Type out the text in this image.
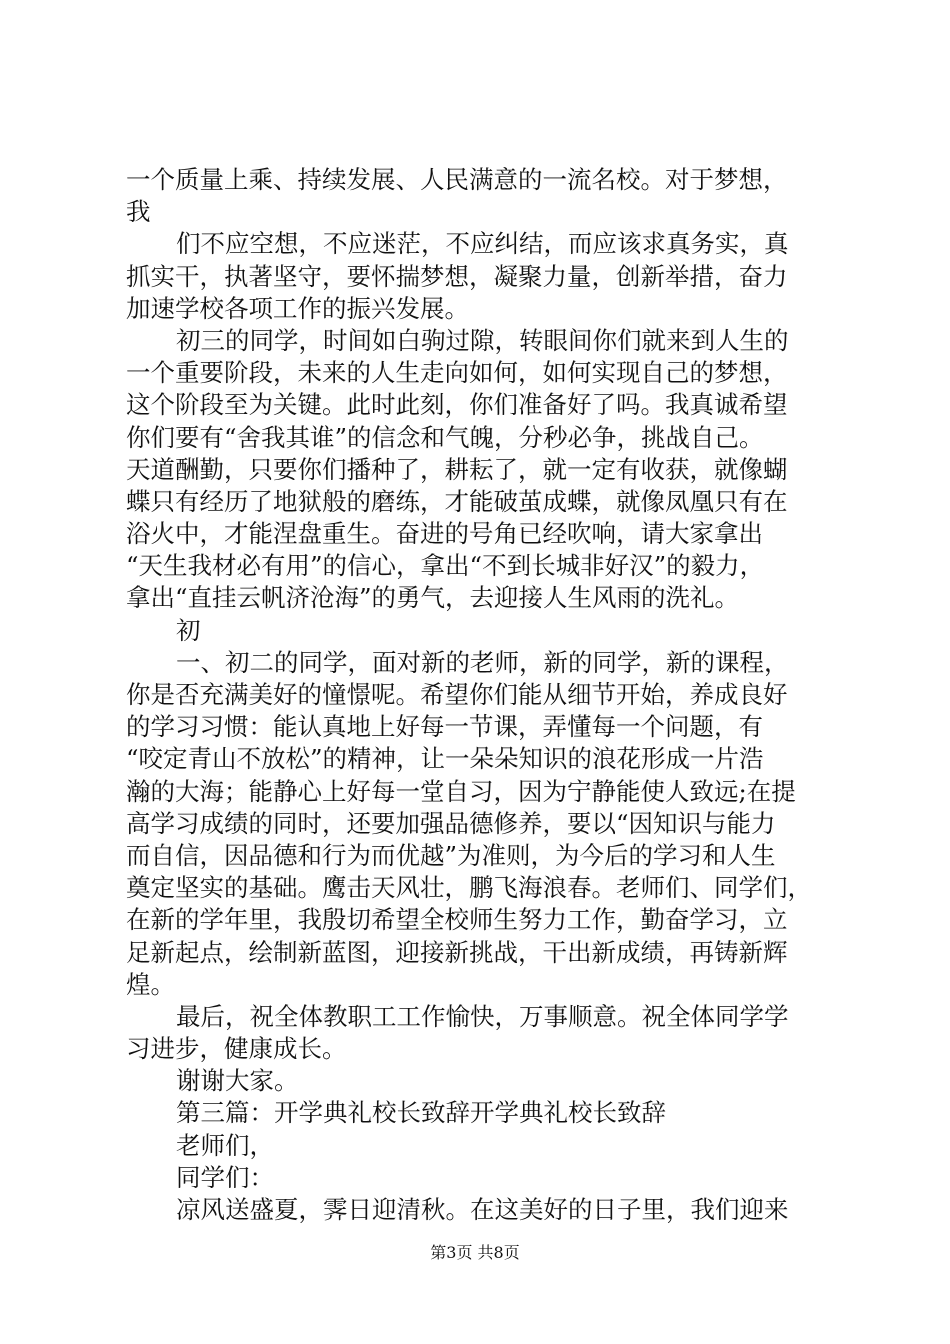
一个质量上乘、持续发展、人民满意的一流名校。对于梦想，
我
们不应空想，不应迷茫，不应纠结，而应该求真务实，真
抓实干，执著坚守，要怀揣梦想，凝聚力量，创新举措，奋力
加速学校各项工作的振兴发展。
初三的同学，时间如白驹过隙，转眼间你们就来到人生的
一个重要阶段，未来的人生走向如何，如何实现自己的梦想，
这个阶段至为关键。此时此刻，你们准备好了吗。我真诚希望
你们要有“舍我其谁”的信念和气魄，分秒必争，挑战自己。
天道酬勤，只要你们播种了，耕耘了，就一定有收获，就像蝴
蝶只有经历了地狱般的磨练，才能破茧成蝶，就像凤凰只有在
浴火中，才能涅盘重生。奋进的号角已经吹响，请大家拿出
“天生我材必有用”的信心，拿出“不到长城非好汉”的毅力，
拿出“直挂云帆济沧海”的勇气，去迎接人生风雨的洗礼。
初
一、初二的同学，面对新的老师，新的同学，新的课程，
你是否充满美好的憧憬呢。希望你们能从细节开始，养成良好
的学习习惯：能认真地上好每一节课，弄懂每一个问题，有
“咬定青山不放松”的精神，让一朵朵知识的浪花形成一片浩
瀚的大海；能静心上好每一堂自习，因为宁静能使人致远;在提
高学习成绩的同时，还要加强品德修养，要以“因知识与能力
而自信，因品德和行为而优越”为准则，为今后的学习和人生
奠定坚实的基础。鹰击天风壮，鹏飞海浪春。老师们、同学们，
在新的学年里，我殷切希望全校师生努力工作，勤奋学习，立
足新起点，绘制新蓝图，迎接新挑战，干出新成绩，再铸新辉
煌。
最后，祝全体教职工工作愉快，万事顺意。祝全体同学学
习进步，健康成长。
谢谢大家。
第三篇：开学典礼校长致辞开学典礼校长致辞
老师们，
同学们：
凉风送盛夏，霁日迎清秋。在这美好的日子里，我们迎来
第3页 共8页
